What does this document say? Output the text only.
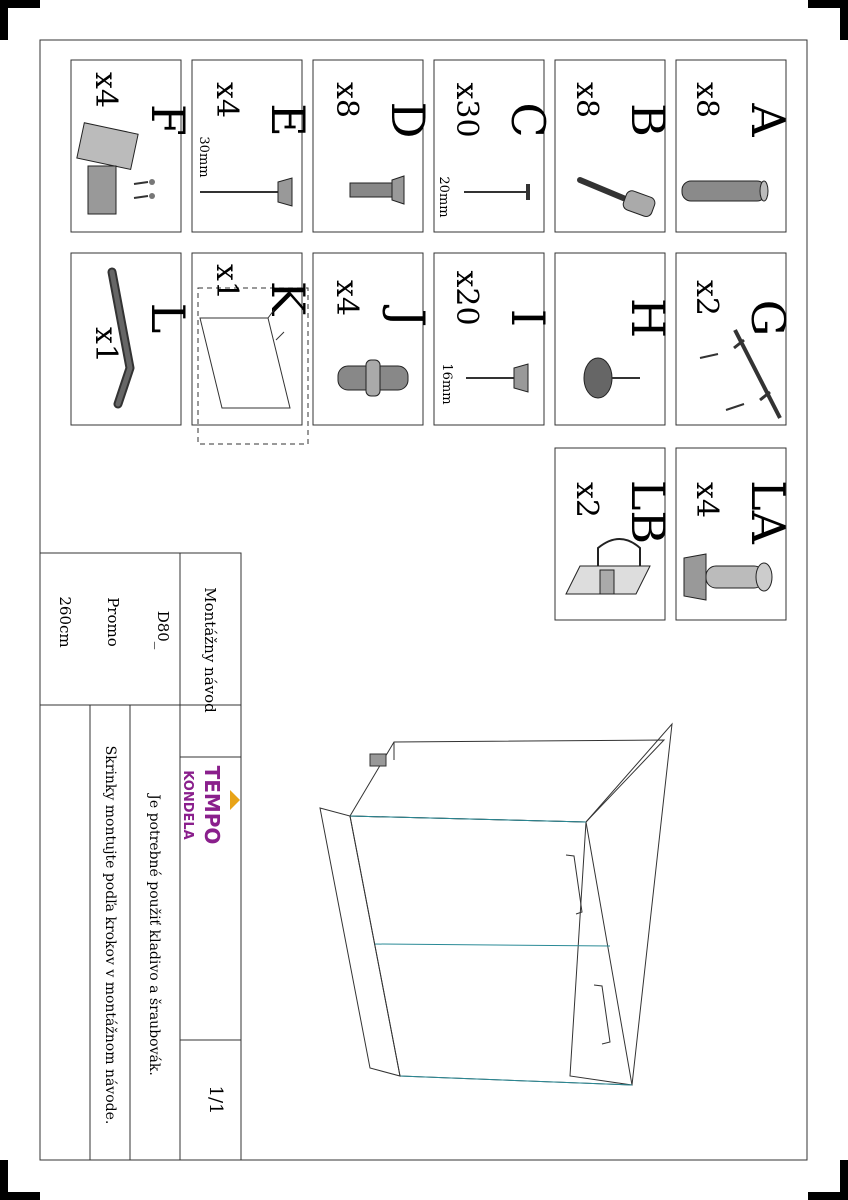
A
x8
B
x8
C
x30
20mm
D
x8
E
x4
30mm
F
x4
G
x2
H
I
x20
16mm
J
x4
K
x1
L
x1
LA
x4
LB
x2
Montážny návod
D80_
Promo
260cm
TEMPO
KONDELA
1/1
Je potrebné použiť kladivo a šraubovák.
Skrinky montujte podľa krokov v montážnom návode.
